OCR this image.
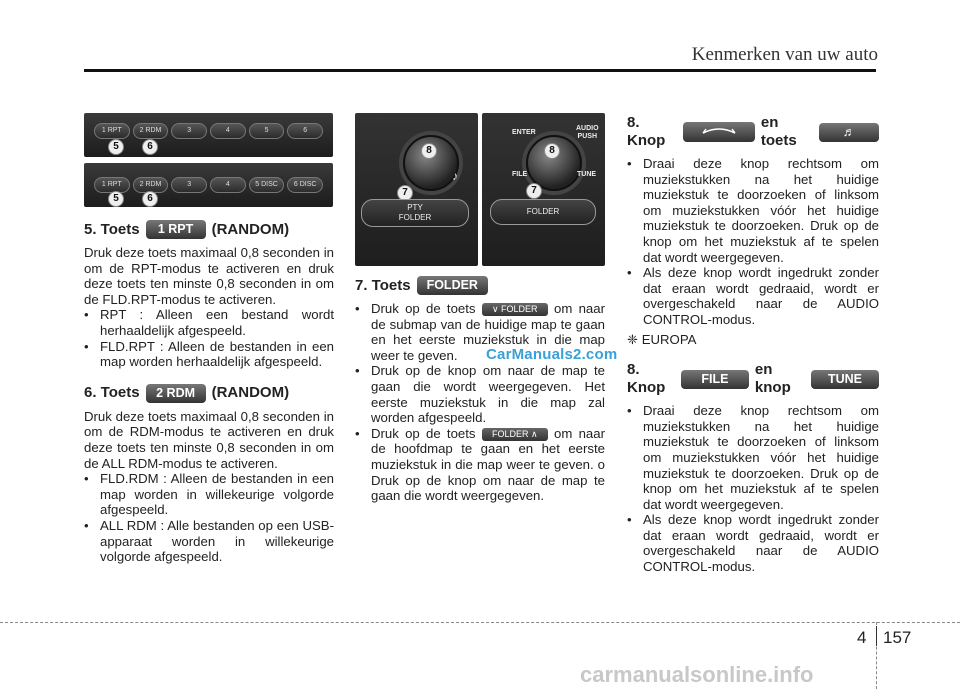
Kenmerken van uw auto
1 RPT	2 RDM	3	4	5	6
5	6
1 RPT	2 RDM	3	4	5 DISC	6 DISC
5	6
8
7
PTY
FOLDER
♪
ENTER
AUDIO
PUSH
8
FILE	TUNE
7
FOLDER
5. Toets	1 RPT	(RANDOM)

Druk deze toets maximaal 0,8 seconden in om de RPT-modus te activeren en druk deze toets ten minste 0,8 seconden in om de FLD.RPT-modus te activeren.

• RPT : Alleen een bestand wordt herhaaldelijk afgespeeld.
• FLD.RPT : Alleen de bestanden in een map worden herhaaldelijk afgespeeld.
6. Toets	2 RDM	(RANDOM)

Druk deze toets maximaal 0,8 seconden in om de RDM-modus te activeren en druk deze toets ten minste 0,8 seconden in om de ALL RDM-modus te activeren.

• FLD.RDM : Alleen de bestanden in een map worden in willekeurige volgorde afgespeeld.
• ALL RDM : Alle bestanden op een USB-apparaat worden in willekeurige volgorde afgespeeld.
7. Toets	FOLDER
• Druk op de toets ∨ FOLDER om naar de submap van de huidige map te gaan en het eerste muziekstuk in die map weer te geven.
• Druk op de knop om naar de map te gaan die wordt weergegeven. Het eerste muziekstuk in die map zal worden afgespeeld.
• Druk op de toets FOLDER ∧ om naar de hoofdmap te gaan en het eerste muziekstuk in die map weer te geven. o Druk op de knop om naar de map te gaan die wordt weergegeven.
8. Knop
en toets
♬
• Draai deze knop rechtsom om muziekstukken na het huidige muziekstuk te doorzoeken of linksom om muziekstukken vóór het huidige muziekstuk te doorzoeken. Druk op de knop om het muziekstuk af te spelen dat wordt weergegeven.
• Als deze knop wordt ingedrukt zonder dat eraan wordt gedraaid, wordt er overgeschakeld naar de AUDIO CONTROL-modus.

❈ EUROPA

8. Knop
FILE
en knop
TUNE
• Draai deze knop rechtsom om muziekstukken na het huidige muziekstuk te doorzoeken of linksom om muziekstukken vóór het huidige muziekstuk te doorzoeken. Druk op de knop om het muziekstuk af te spelen dat wordt weergegeven.
• Als deze knop wordt ingedrukt zonder dat eraan wordt gedraaid, wordt er overgeschakeld naar de AUDIO CONTROL-modus.
CarManuals2.com
4 157
carmanualsonline.info
